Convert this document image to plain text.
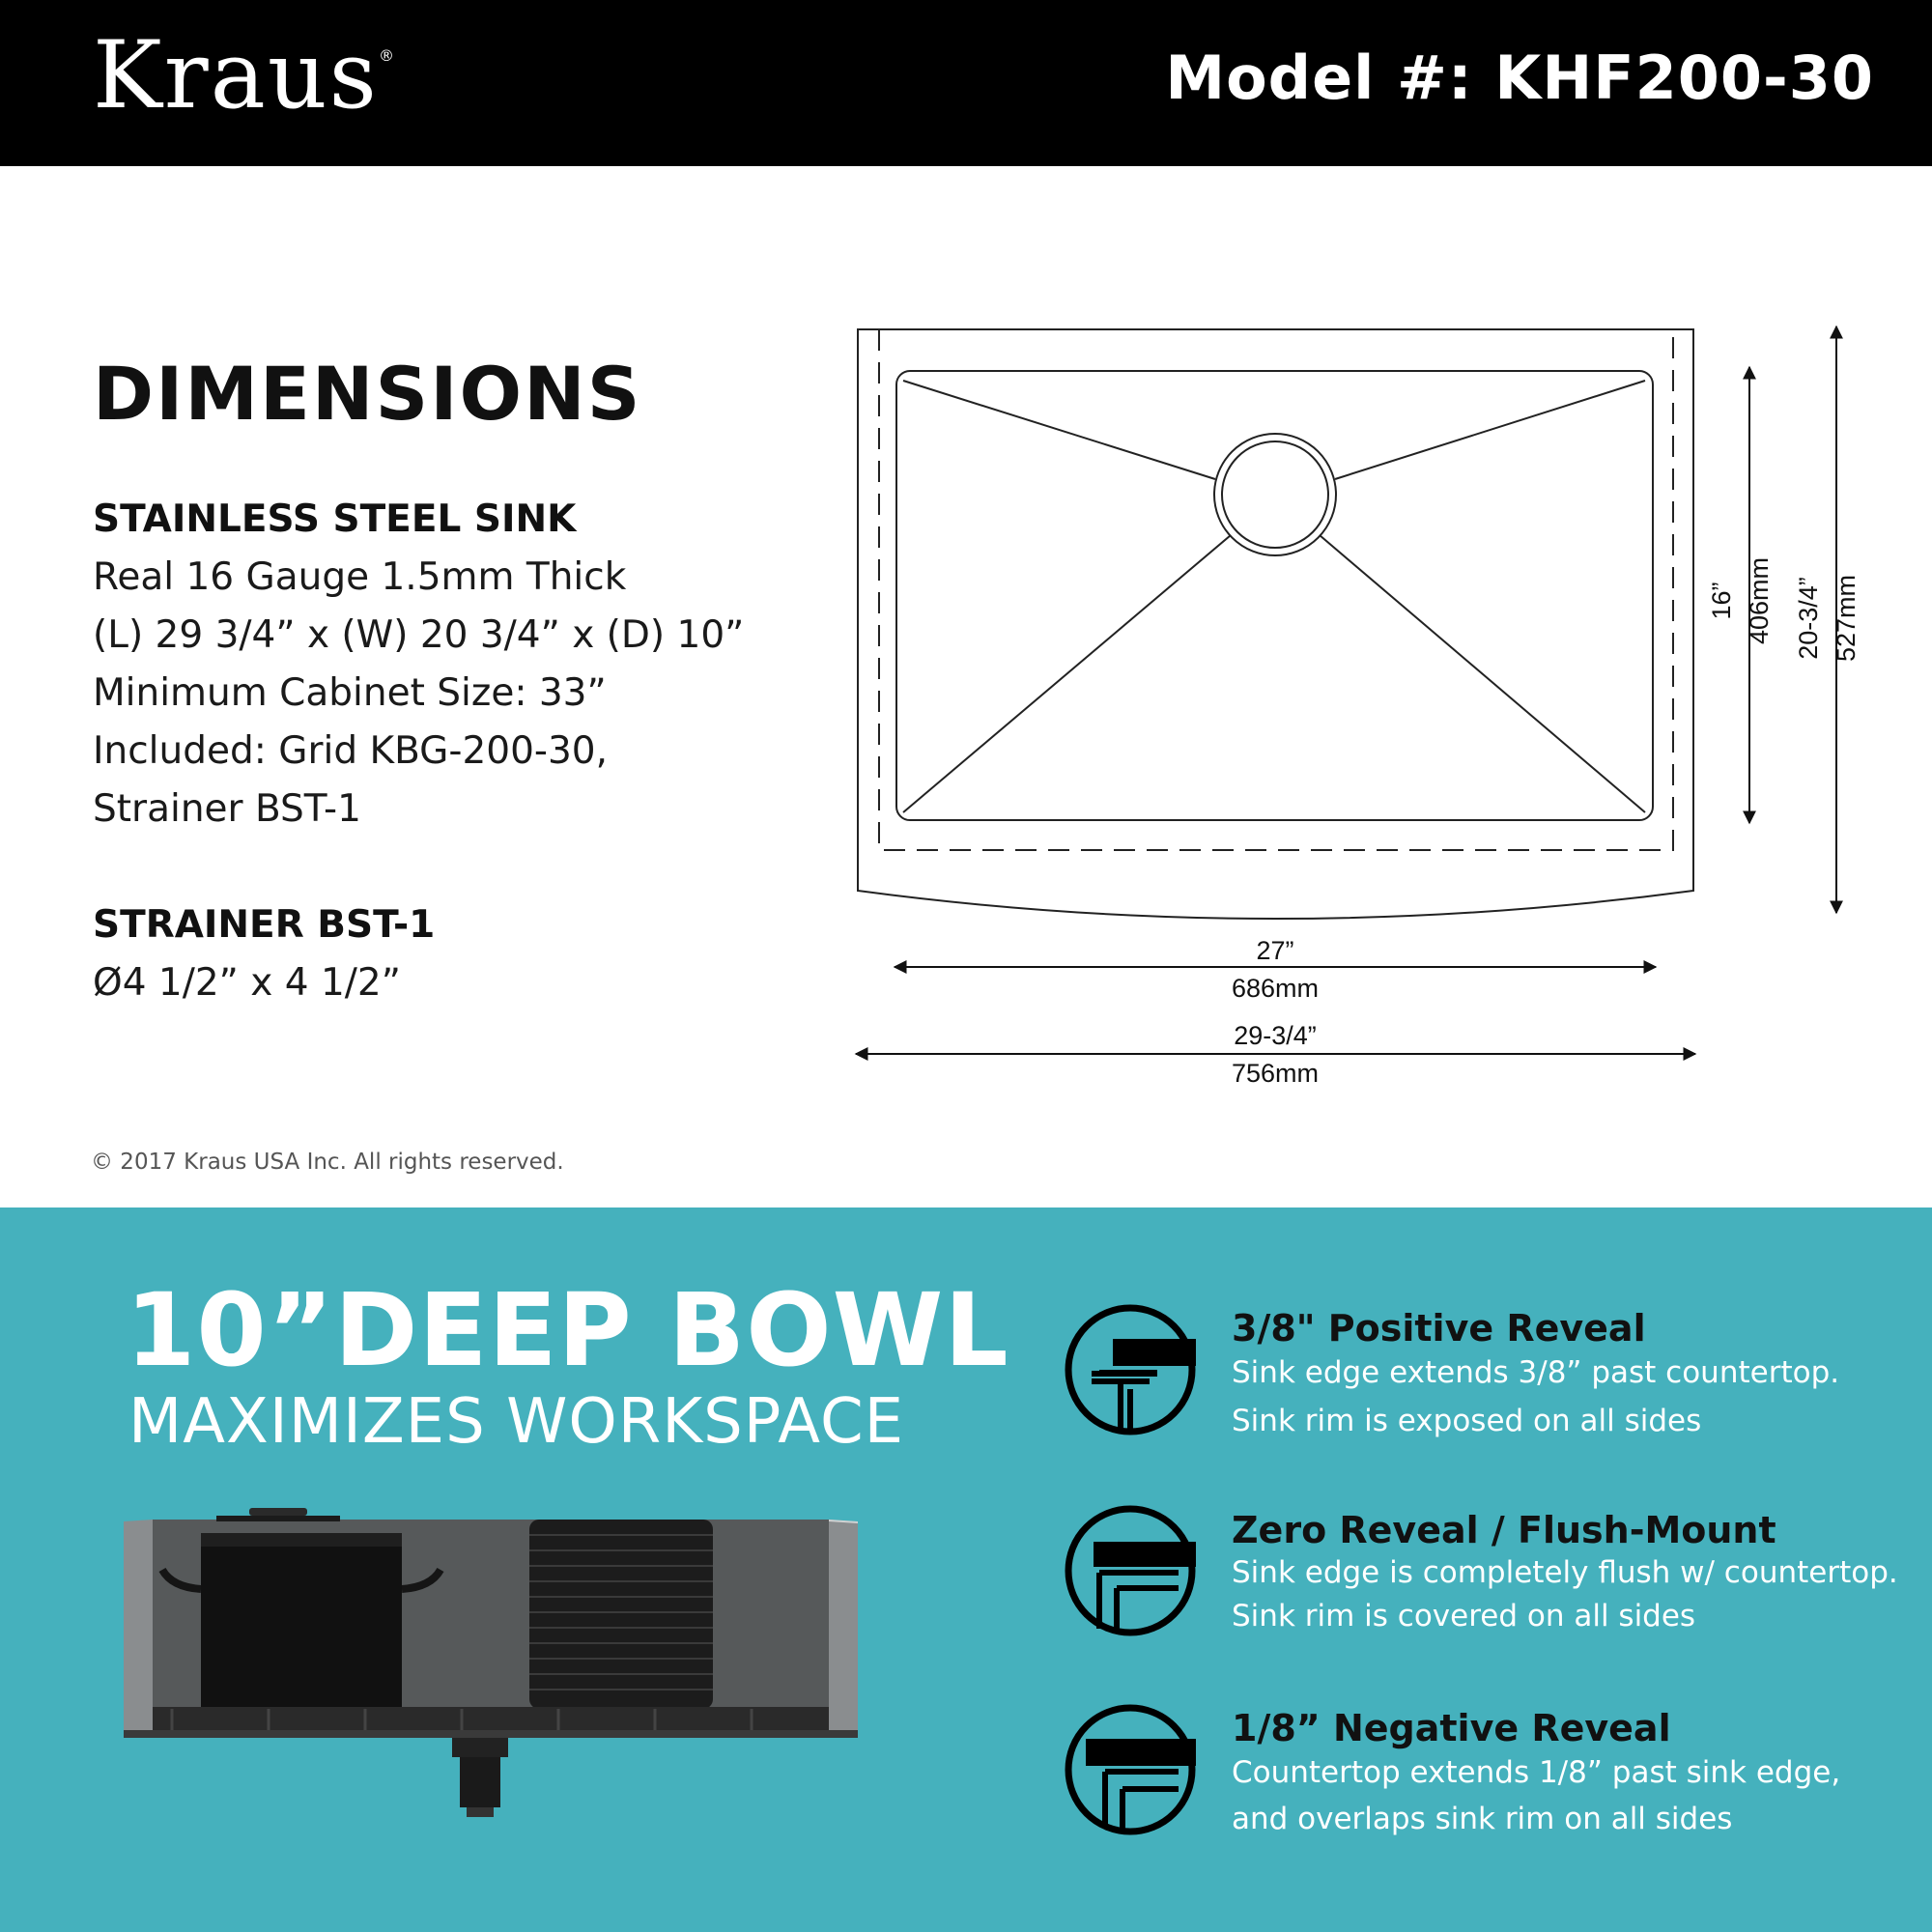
Kraus®	Model #: KHF200-30
DIMENSIONS
STAINLESS STEEL SINK
Real 16 Gauge 1.5mm Thick
(L) 29 3/4” x (W) 20 3/4” x (D) 10”
Minimum Cabinet Size: 33”
Included: Grid KBG-200-30,
Strainer BST-1
STRAINER BST-1
Ø4 1/2” x 4 1/2”
© 2017 Kraus USA Inc. All rights reserved.
27”
686mm
29-3/4”
756mm
16” 406mm 20-3/4” 527mm
10”DEEP BOWL
MAXIMIZES WORKSPACE
3/8" Positive Reveal
Sink edge extends 3/8” past countertop.
Sink rim is exposed on all sides
Zero Reveal / Flush-Mount
Sink edge is completely flush w/ countertop.
Sink rim is covered on all sides
1/8” Negative Reveal
Countertop extends 1/8” past sink edge,
and overlaps sink rim on all sides
